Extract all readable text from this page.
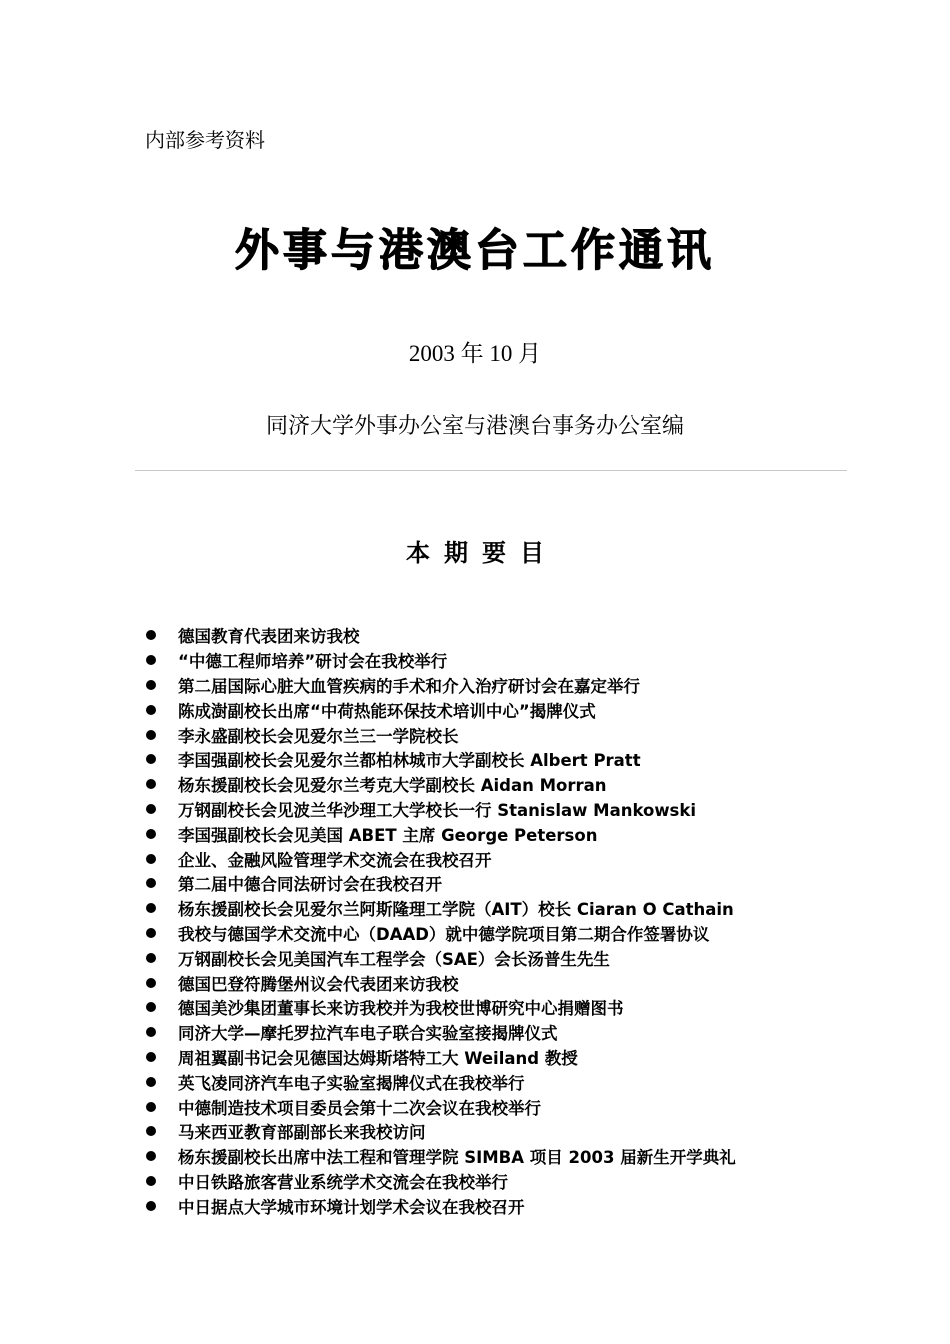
内部参考资料
外事与港澳台工作通讯
2003 年 10 月
同济大学外事办公室与港澳台事务办公室编
本期要目
德国教育代表团来访我校
“中德工程师培养”研讨会在我校举行
第二届国际心脏大血管疾病的手术和介入治疗研讨会在嘉定举行
陈成澍副校长出席“中荷热能环保技术培训中心”揭牌仪式
李永盛副校长会见爱尔兰三一学院校长
李国强副校长会见爱尔兰都柏林城市大学副校长 Albert Pratt
杨东援副校长会见爱尔兰考克大学副校长 Aidan Morran
万钢副校长会见波兰华沙理工大学校长一行 Stanislaw Mankowski
李国强副校长会见美国 ABET 主席 George Peterson
企业、金融风险管理学术交流会在我校召开
第二届中德合同法研讨会在我校召开
杨东援副校长会见爱尔兰阿斯隆理工学院（AIT）校长 Ciaran O Cathain
我校与德国学术交流中心（DAAD）就中德学院项目第二期合作签署协议
万钢副校长会见美国汽车工程学会（SAE）会长汤普生先生
德国巴登符腾堡州议会代表团来访我校
德国美沙集团董事长来访我校并为我校世博研究中心捐赠图书
同济大学—摩托罗拉汽车电子联合实验室接揭牌仪式
周祖翼副书记会见德国达姆斯塔特工大 Weiland 教授
英飞凌同济汽车电子实验室揭牌仪式在我校举行
中德制造技术项目委员会第十二次会议在我校举行
马来西亚教育部副部长来我校访问
杨东援副校长出席中法工程和管理学院 SIMBA 项目 2003 届新生开学典礼
中日铁路旅客营业系统学术交流会在我校举行
中日据点大学城市环境计划学术会议在我校召开
